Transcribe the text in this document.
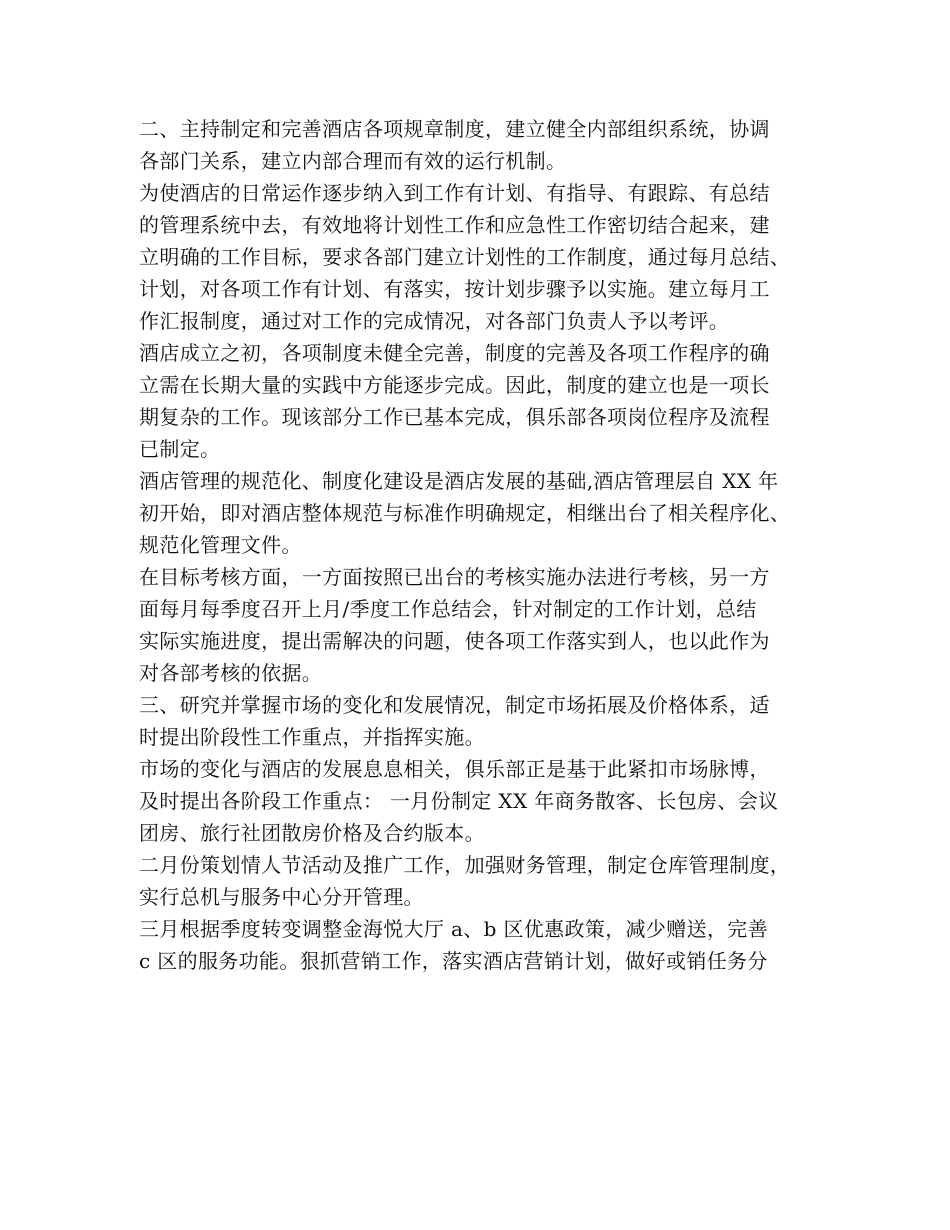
二、主持制定和完善酒店各项规章制度，建立健全内部组织系统，协调
各部门关系，建立内部合理而有效的运行机制。
为使酒店的日常运作逐步纳入到工作有计划、有指导、有跟踪、有总结
的管理系统中去，有效地将计划性工作和应急性工作密切结合起来，建
立明确的工作目标，要求各部门建立计划性的工作制度，通过每月总结、
计划，对各项工作有计划、有落实，按计划步骤予以实施。建立每月工
作汇报制度，通过对工作的完成情况，对各部门负责人予以考评。
酒店成立之初，各项制度未健全完善，制度的完善及各项工作程序的确
立需在长期大量的实践中方能逐步完成。因此，制度的建立也是一项长
期复杂的工作。现该部分工作已基本完成，俱乐部各项岗位程序及流程
已制定。
酒店管理的规范化、制度化建设是酒店发展的基础,酒店管理层自 XX 年
初开始，即对酒店整体规范与标准作明确规定，相继出台了相关程序化、
规范化管理文件。
在目标考核方面，一方面按照已出台的考核实施办法进行考核，另一方
面每月每季度召开上月/季度工作总结会，针对制定的工作计划，总结
实际实施进度，提出需解决的问题，使各项工作落实到人，也以此作为
对各部考核的依据。
三、研究并掌握市场的变化和发展情况，制定市场拓展及价格体系，适
时提出阶段性工作重点，并指挥实施。
市场的变化与酒店的发展息息相关，俱乐部正是基于此紧扣市场脉博，
及时提出各阶段工作重点： 一月份制定 XX 年商务散客、长包房、会议
团房、旅行社团散房价格及合约版本。
二月份策划情人节活动及推广工作，加强财务管理，制定仓库管理制度，
实行总机与服务中心分开管理。
三月根据季度转变调整金海悦大厅 a、b 区优惠政策，减少赠送，完善
c 区的服务功能。狠抓营销工作，落实酒店营销计划，做好或销任务分
